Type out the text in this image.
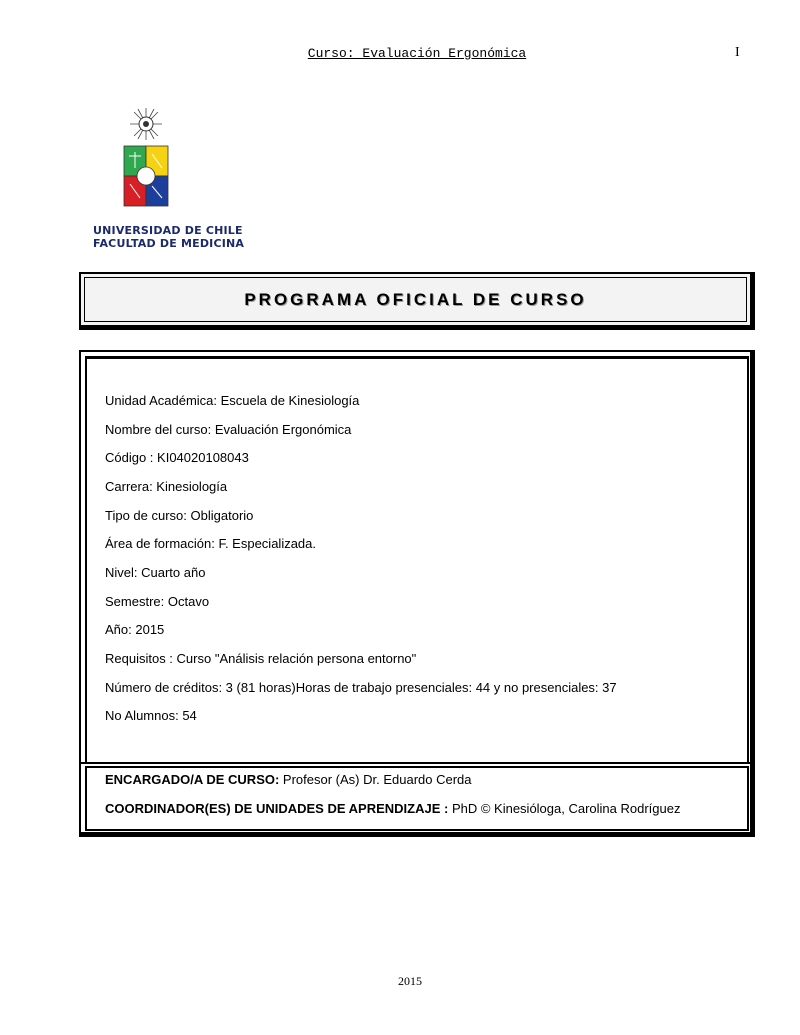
Curso: Evaluación Ergonómica	I
UNIVERSIDAD DE CHILE
FACULTAD DE MEDICINA
PROGRAMA OFICIAL DE CURSO
Unidad Académica: Escuela de Kinesiología
Nombre del curso: Evaluación Ergonómica
Código : KI04020108043
Carrera: Kinesiología
Tipo de curso: Obligatorio
Área de formación: F. Especializada.
Nivel: Cuarto año
Semestre: Octavo
Año: 2015
Requisitos : Curso "Análisis relación persona entorno"
Número de créditos: 3 (81 horas)Horas de trabajo presenciales: 44 y no presenciales: 37
No Alumnos: 54
ENCARGADO/A DE CURSO: Profesor (As) Dr. Eduardo Cerda
COORDINADOR(ES) DE UNIDADES DE APRENDIZAJE : PhD © Kinesióloga, Carolina Rodríguez
2015
